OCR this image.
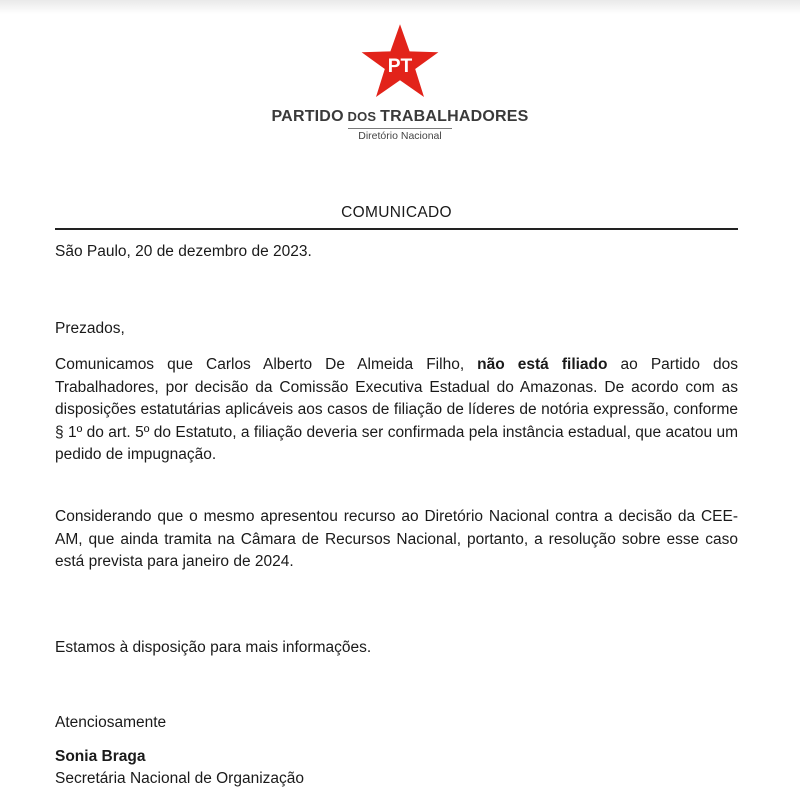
PT
PARTIDO DOS TRABALHADORES
Diretório Nacional
COMUNICADO
São Paulo, 20 de dezembro de 2023.
Prezados,
Comunicamos que Carlos Alberto De Almeida Filho, não está filiado ao Partido dos Trabalhadores, por decisão da Comissão Executiva Estadual do Amazonas. De acordo com as disposições estatutárias aplicáveis aos casos de filiação de líderes de notória expressão, conforme § 1º do art. 5º do Estatuto, a filiação deveria ser confirmada pela instância estadual, que acatou um pedido de impugnação.
Considerando que o mesmo apresentou recurso ao Diretório Nacional contra a decisão da CEE-AM, que ainda tramita na Câmara de Recursos Nacional, portanto, a resolução sobre esse caso está prevista para janeiro de 2024.
Estamos à disposição para mais informações.
Atenciosamente
Sonia Braga
Secretária Nacional de Organização
